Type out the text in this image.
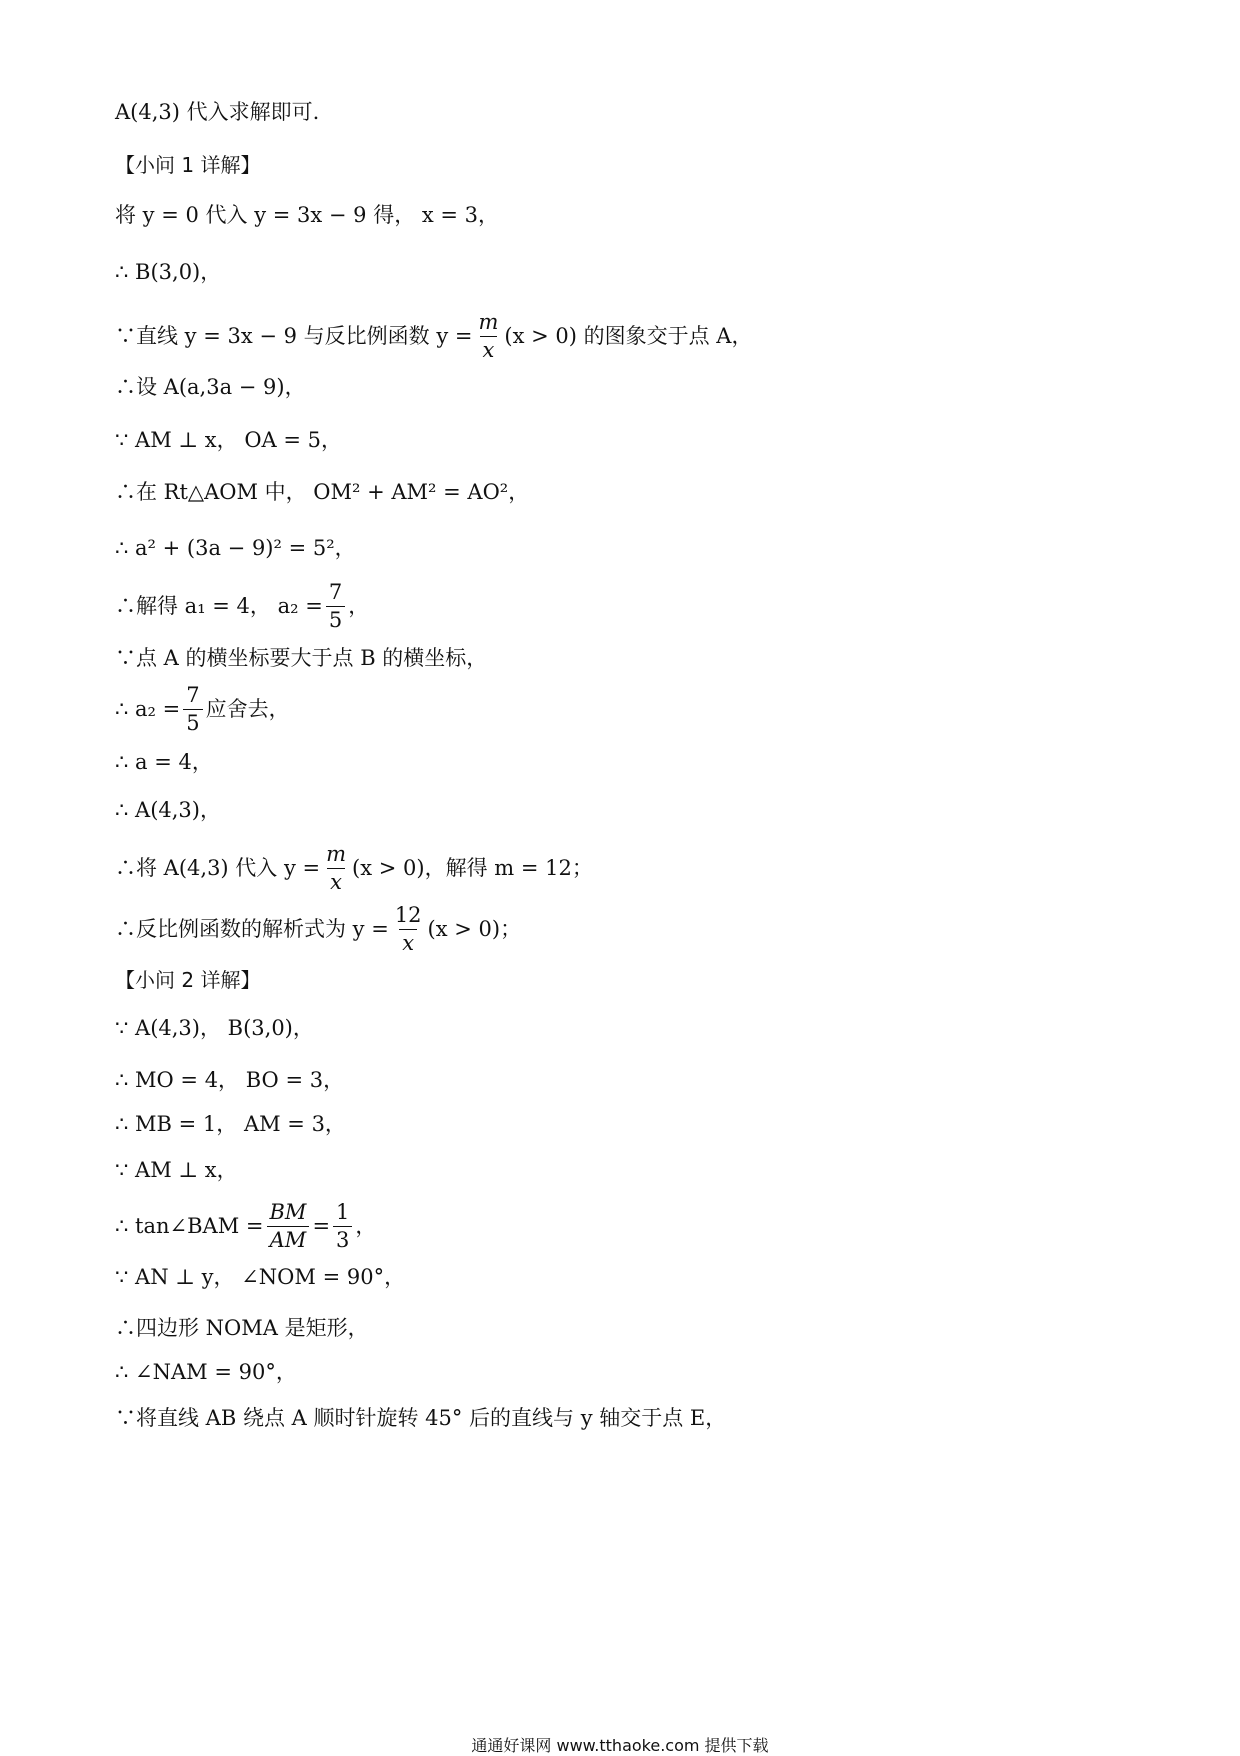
A(4,3) 代入求解即可.
【小问 1 详解】
将 y = 0 代入 y = 3x − 9 得， x = 3，
∴ B(3,0)，
∵直线 y = 3x − 9 与反比例函数 $y = \frac{m}{x} (x > 0)$ 的图象交于点 A，
∴设 A(a,3a − 9)，
∵ AM ⊥ x， OA = 5，
∴在 Rt△AOM 中， OM² + AM² = AO²，
∴ a² + (3a − 9)² = 5²，
∴解得 a₁ = 4， $a_2 = \frac{7}{5}$ ，
∵点 A 的横坐标要大于点 B 的横坐标，
∴ $a_2 = \frac{7}{5}$ 应舍去，
∴ a = 4，
∴ A(4,3)，
∴将 A(4,3) 代入 $y = \frac{m}{x} (x > 0)$，解得 m = 12；
∴反比例函数的解析式为 $y = \frac{12}{x} (x > 0)$；
【小问 2 详解】
∵ A(4,3)， B(3,0)，
∴ MO = 4， BO = 3，
∴ MB = 1， AM = 3，
∵ AM ⊥ x，
∴ tan∠BAM = $\frac{BM}{AM} = \frac{1}{3}$ ，
∵ AN ⊥ y， ∠NOM = 90°，
∴四边形 NOMA 是矩形，
∴ ∠NAM = 90°，
∵将直线 AB 绕点 A 顺时针旋转 45° 后的直线与 y 轴交于点 E，
通通好课网 www.tthaoke.com 提供下载
